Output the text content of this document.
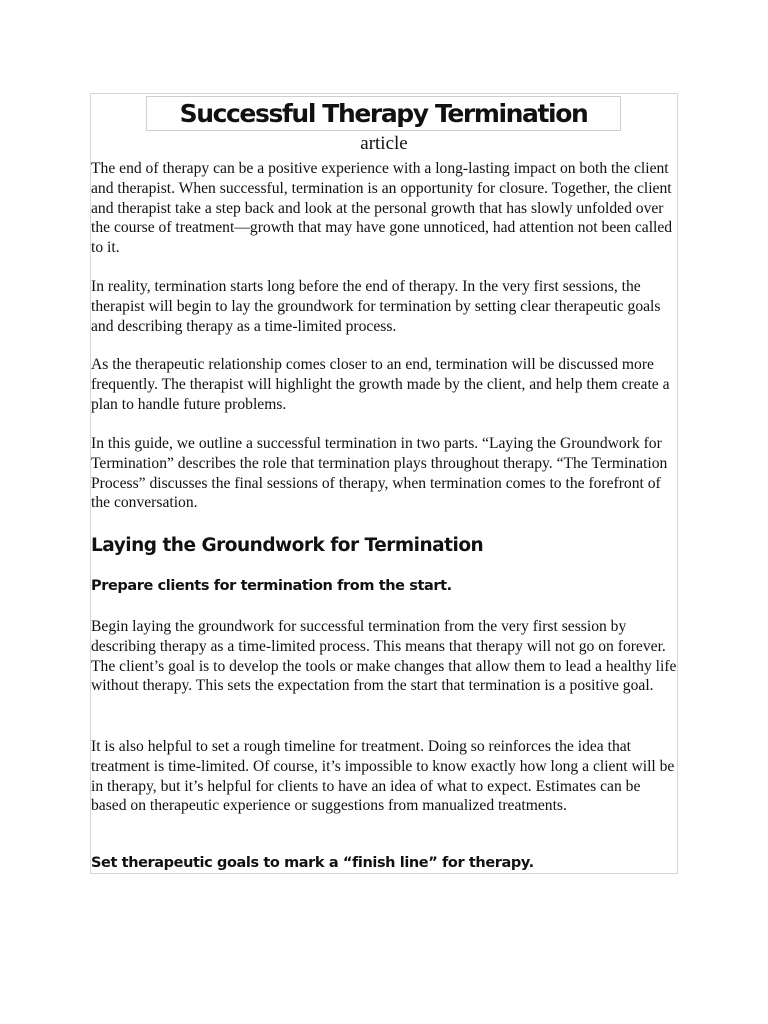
Successful Therapy Termination
article

The end of therapy can be a positive experience with a long-lasting impact on both the client and therapist. When successful, termination is an opportunity for closure. Together, the client and therapist take a step back and look at the personal growth that has slowly unfolded over the course of treatment—growth that may have gone unnoticed, had attention not been called to it.

In reality, termination starts long before the end of therapy. In the very first sessions, the therapist will begin to lay the groundwork for termination by setting clear therapeutic goals and describing therapy as a time-limited process.

As the therapeutic relationship comes closer to an end, termination will be discussed more frequently. The therapist will highlight the growth made by the client, and help them create a plan to handle future problems.

In this guide, we outline a successful termination in two parts. “Laying the Groundwork for Termination” describes the role that termination plays throughout therapy. “The Termination Process” discusses the final sessions of therapy, when termination comes to the forefront of the conversation.

Laying the Groundwork for Termination
Prepare clients for termination from the start.

Begin laying the groundwork for successful termination from the very first session by describing therapy as a time-limited process. This means that therapy will not go on forever. The client’s goal is to develop the tools or make changes that allow them to lead a healthy life without therapy. This sets the expectation from the start that termination is a positive goal.

It is also helpful to set a rough timeline for treatment. Doing so reinforces the idea that treatment is time-limited. Of course, it’s impossible to know exactly how long a client will be in therapy, but it’s helpful for clients to have an idea of what to expect. Estimates can be based on therapeutic experience or suggestions from manualized treatments.

Set therapeutic goals to mark a “finish line” for therapy.
